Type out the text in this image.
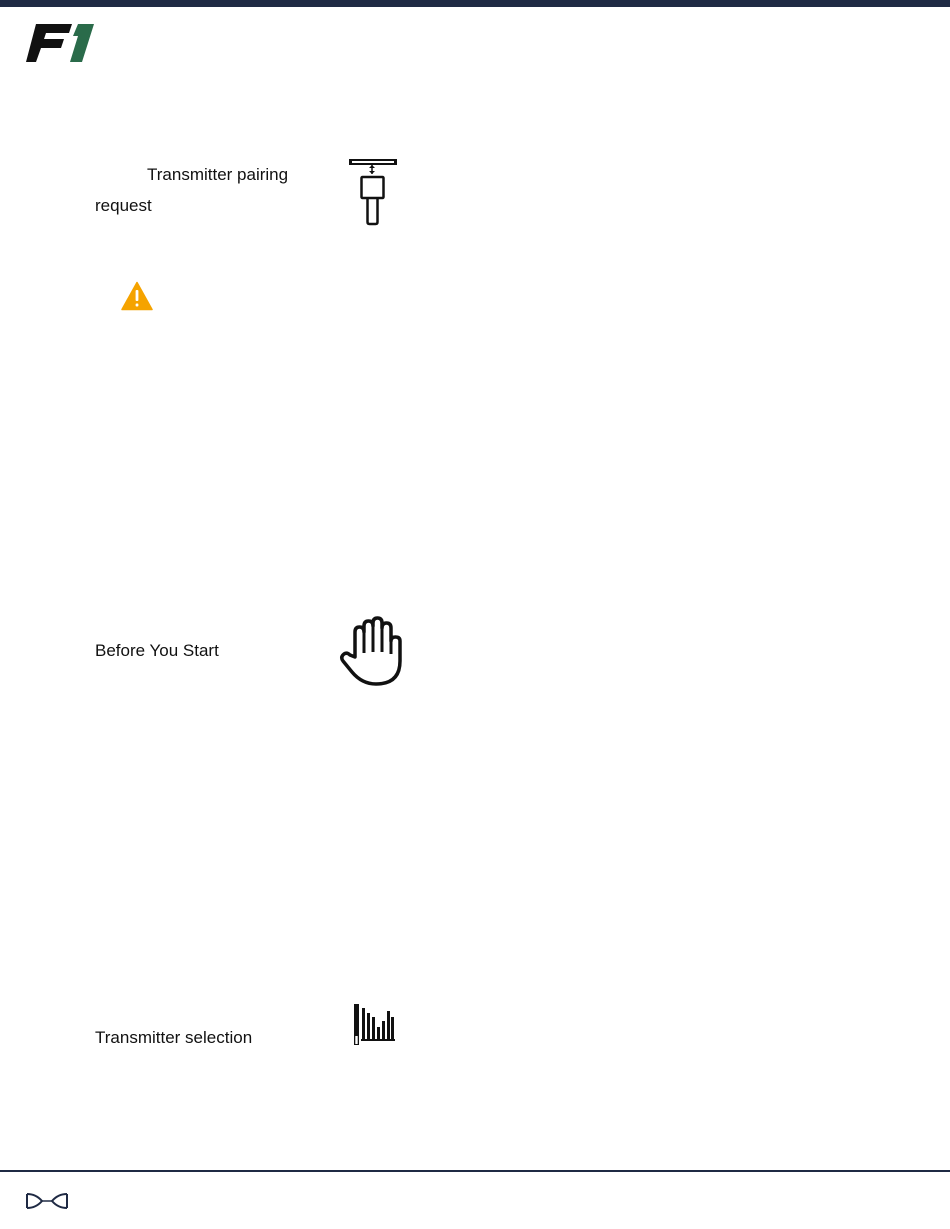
Transmitter pairing
request
Before You Start
Transmitter selection
